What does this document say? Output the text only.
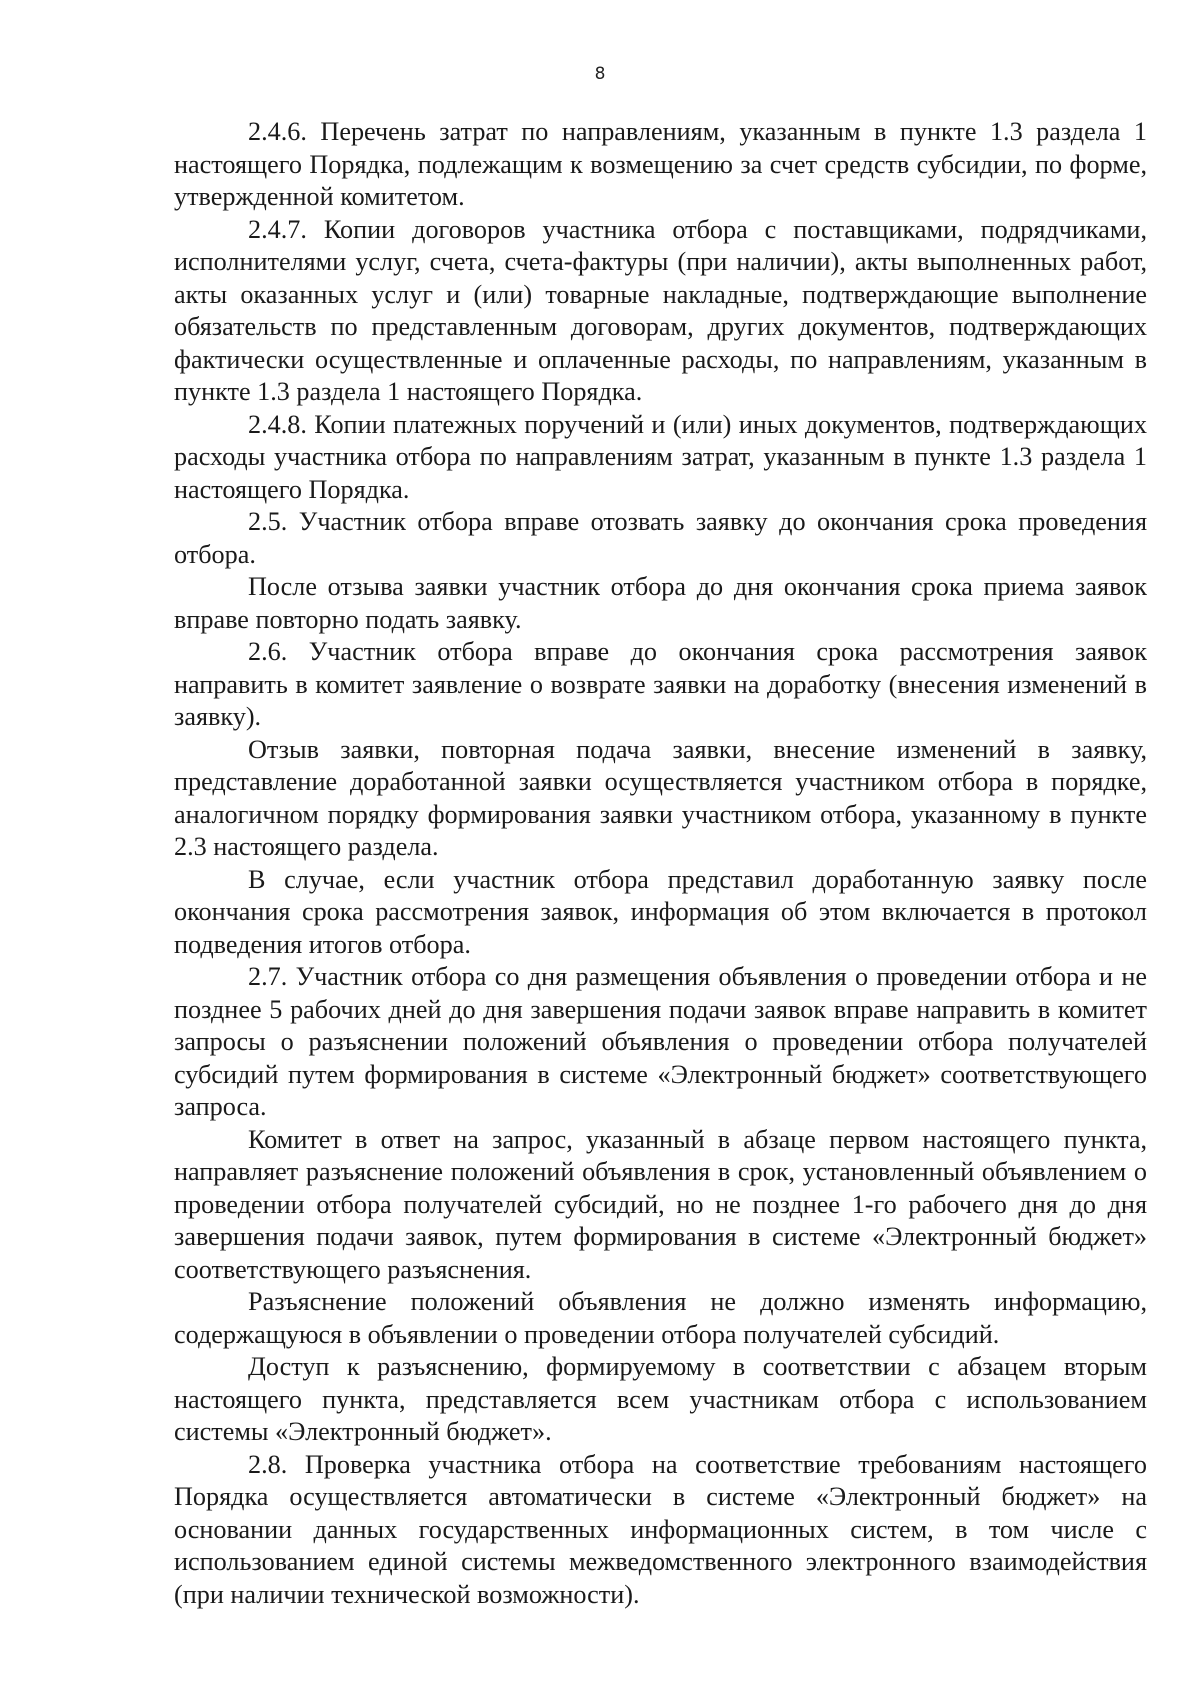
8

2.4.6. Перечень затрат по направлениям, указанным в пункте 1.3 раздела 1 настоящего Порядка, подлежащим к возмещению за счет средств субсидии, по форме, утвержденной комитетом.

2.4.7. Копии договоров участника отбора с поставщиками, подрядчиками, исполнителями услуг, счета, счета-фактуры (при наличии), акты выполненных работ, акты оказанных услуг и (или) товарные накладные, подтверждающие выполнение обязательств по представленным договорам, других документов, подтверждающих фактически осуществленные и оплаченные расходы, по направлениям, указанным в пункте 1.3 раздела 1 настоящего Порядка.

2.4.8. Копии платежных поручений и (или) иных документов, подтверждающих расходы участника отбора по направлениям затрат, указанным в пункте 1.3 раздела 1 настоящего Порядка.

2.5. Участник отбора вправе отозвать заявку до окончания срока проведения отбора.

После отзыва заявки участник отбора до дня окончания срока приема заявок вправе повторно подать заявку.

2.6. Участник отбора вправе до окончания срока рассмотрения заявок направить в комитет заявление о возврате заявки на доработку (внесения изменений в заявку).

Отзыв заявки, повторная подача заявки, внесение изменений в заявку, представление доработанной заявки осуществляется участником отбора в порядке, аналогичном порядку формирования заявки участником отбора, указанному в пункте 2.3 настоящего раздела.

В случае, если участник отбора представил доработанную заявку после окончания срока рассмотрения заявок, информация об этом включается в протокол подведения итогов отбора.

2.7. Участник отбора со дня размещения объявления о проведении отбора и не позднее 5 рабочих дней до дня завершения подачи заявок вправе направить в комитет запросы о разъяснении положений объявления о проведении отбора получателей субсидий путем формирования в системе «Электронный бюджет» соответствующего запроса.

Комитет в ответ на запрос, указанный в абзаце первом настоящего пункта, направляет разъяснение положений объявления в срок, установленный объявлением о проведении отбора получателей субсидий, но не позднее 1-го рабочего дня до дня завершения подачи заявок, путем формирования в системе «Электронный бюджет» соответствующего разъяснения.

Разъяснение положений объявления не должно изменять информацию, содержащуюся в объявлении о проведении отбора получателей субсидий.

Доступ к разъяснению, формируемому в соответствии с абзацем вторым настоящего пункта, представляется всем участникам отбора с использованием системы «Электронный бюджет».

2.8. Проверка участника отбора на соответствие требованиям настоящего Порядка осуществляется автоматически в системе «Электронный бюджет» на основании данных государственных информационных систем, в том числе с использованием единой системы межведомственного электронного взаимодействия (при наличии технической возможности).
